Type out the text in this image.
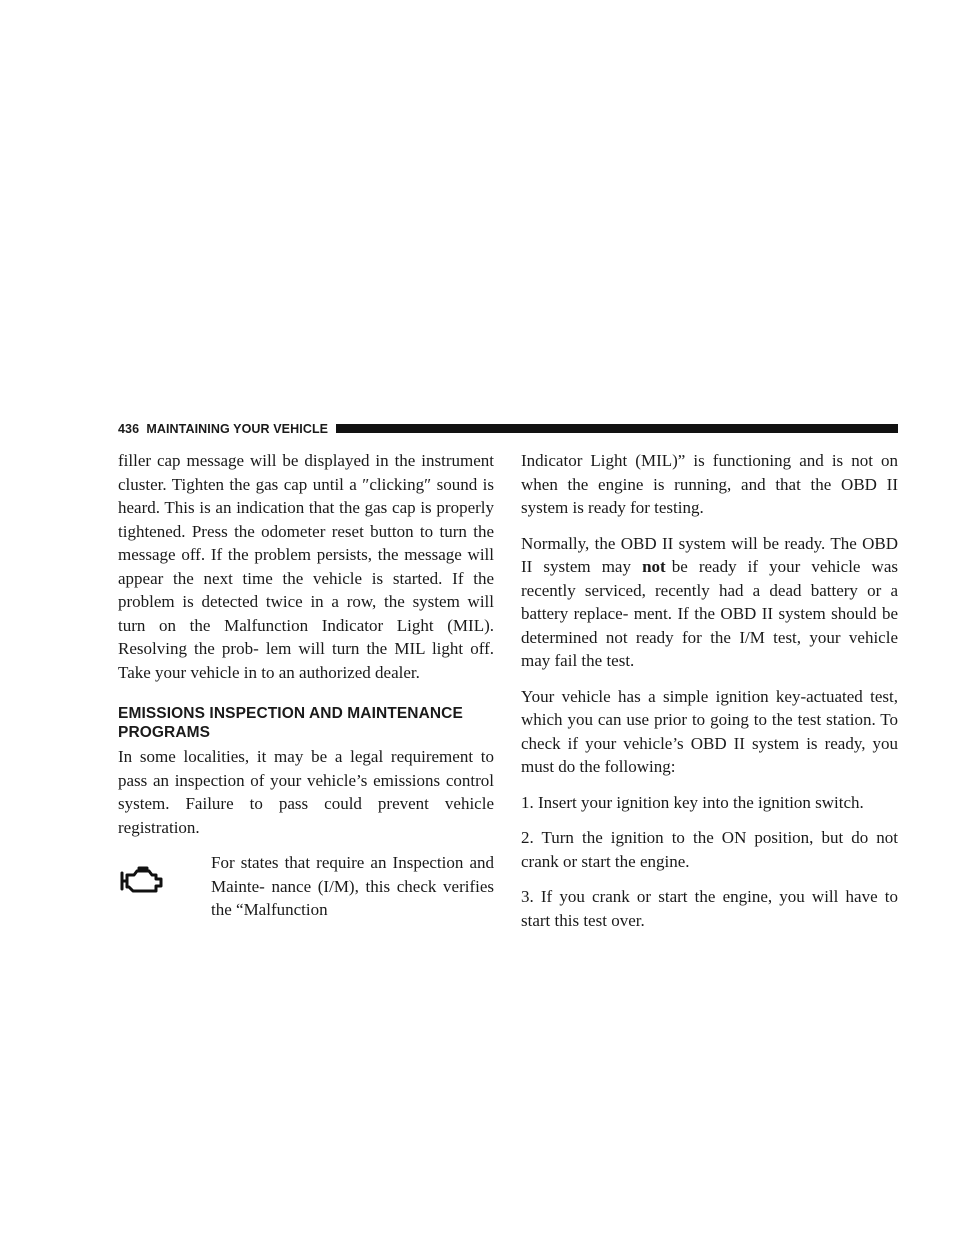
436 MAINTAINING YOUR VEHICLE

filler cap message will be displayed in the instrument cluster. Tighten the gas cap until a ″clicking″ sound is heard. This is an indication that the gas cap is properly tightened. Press the odometer reset button to turn the message off. If the problem persists, the message will appear the next time the vehicle is started. If the problem is detected twice in a row, the system will turn on the Malfunction Indicator Light (MIL). Resolving the prob- lem will turn the MIL light off. Take your vehicle in to an authorized dealer.

EMISSIONS INSPECTION AND MAINTENANCE PROGRAMS

In some localities, it may be a legal requirement to pass an inspection of your vehicle’s emissions control system. Failure to pass could prevent vehicle registration.

For states that require an Inspection and Mainte- nance (I/M), this check verifies the “Malfunction

Indicator Light (MIL)” is functioning and is not on when the engine is running, and that the OBD II system is ready for testing.

Normally, the OBD II system will be ready. The OBD II system may not be ready if your vehicle was recently serviced, recently had a dead battery or a battery replace- ment. If the OBD II system should be determined not ready for the I/M test, your vehicle may fail the test.

Your vehicle has a simple ignition key-actuated test, which you can use prior to going to the test station. To check if your vehicle’s OBD II system is ready, you must do the following:

1. Insert your ignition key into the ignition switch.

2. Turn the ignition to the ON position, but do not crank or start the engine.

3. If you crank or start the engine, you will have to start this test over.
